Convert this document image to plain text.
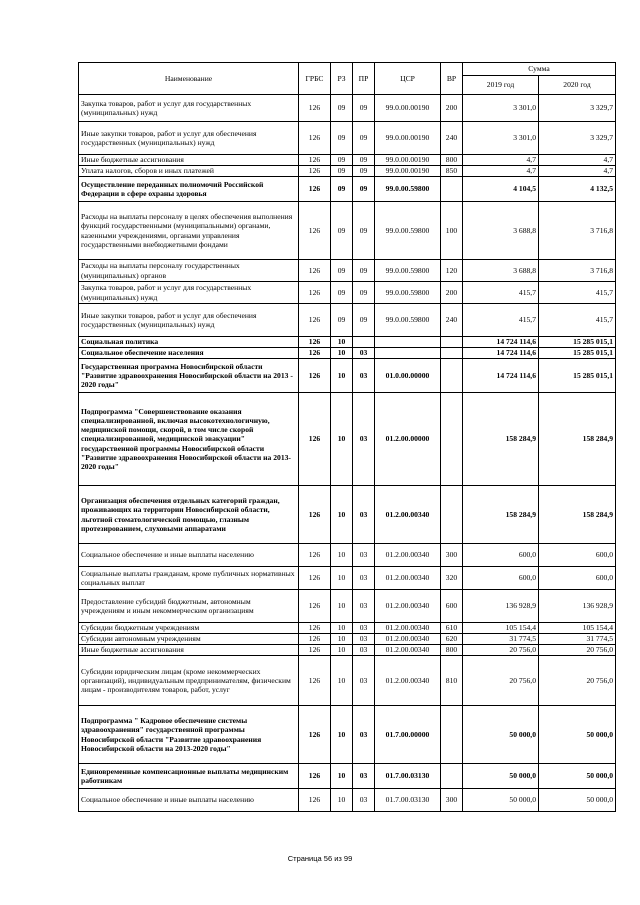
Наименование	ГРБС	РЗ	ПР	ЦСР	ВР	Сумма	
						2019 год	2020 год
Закупка товаров, работ и услуг для государственных (муниципальных) нужд	126	09	09	99.0.00.00190	200	3 301,0	3 329,7
Иные закупки товаров, работ и услуг для обеспечения государственных (муниципальных) нужд	126	09	09	99.0.00.00190	240	3 301,0	3 329,7
Иные бюджетные ассигнования	126	09	09	99.0.00.00190	800	4,7	4,7
Уплата налогов, сборов и иных платежей	126	09	09	99.0.00.00190	850	4,7	4,7
Осуществление переданных полномочий Российской Федерации в сфере охраны здоровья	126	09	09	99.0.00.59800		4 104,5	4 132,5
Расходы на выплаты персоналу в целях обеспечения выполнения функций государственными (муниципальными) органами, казенными учреждениями, органами управления государственными внебюджетными фондами	126	09	09	99.0.00.59800	100	3 688,8	3 716,8
Расходы на выплаты персоналу государственных (муниципальных) органов	126	09	09	99.0.00.59800	120	3 688,8	3 716,8
Закупка товаров, работ и услуг для государственных (муниципальных) нужд	126	09	09	99.0.00.59800	200	415,7	415,7
Иные закупки товаров, работ и услуг для обеспечения государственных (муниципальных) нужд	126	09	09	99.0.00.59800	240	415,7	415,7
Социальная политика	126	10				14 724 114,6	15 285 015,1
Социальное обеспечение населения	126	10	03			14 724 114,6	15 285 015,1
Государственная программа Новосибирской области "Развитие здравоохранения Новосибирской области на 2013 - 2020 годы"	126	10	03	01.0.00.00000		14 724 114,6	15 285 015,1
Подпрограмма "Совершенствование оказания специализированной, включая высокотехнологичную, медицинской помощи, скорой, в том числе скорой специализированной, медицинской эвакуации" государственной программы Новосибирской области "Развитие здравоохранения Новосибирской области на 2013-2020 годы"	126	10	03	01.2.00.00000		158 284,9	158 284,9
Организация обеспечения отдельных категорий граждан, проживающих на территории Новосибирской области, льготной стоматологической помощью, глазным протезированием, слуховыми аппаратами	126	10	03	01.2.00.00340		158 284,9	158 284,9
Социальное обеспечение и иные выплаты населению	126	10	03	01.2.00.00340	300	600,0	600,0
Социальные выплаты гражданам, кроме публичных нормативных социальных выплат	126	10	03	01.2.00.00340	320	600,0	600,0
Предоставление субсидий бюджетным, автономным учреждениям и иным некоммерческим организациям	126	10	03	01.2.00.00340	600	136 928,9	136 928,9
Субсидии бюджетным учреждениям	126	10	03	01.2.00.00340	610	105 154,4	105 154,4
Субсидии автономным учреждениям	126	10	03	01.2.00.00340	620	31 774,5	31 774,5
Иные бюджетные ассигнования	126	10	03	01.2.00.00340	800	20 756,0	20 756,0
Субсидии юридическим лицам (кроме некоммерческих организаций), индивидуальным предпринимателям, физическим лицам - производителям товаров, работ, услуг	126	10	03	01.2.00.00340	810	20 756,0	20 756,0
Подпрограмма " Кадровое обеспечение системы здравоохранения" государственной программы Новосибирской области "Развитие здравоохранения Новосибирской области на 2013-2020 годы"	126	10	03	01.7.00.00000		50 000,0	50 000,0
Единовременные компенсационные выплаты медицинским работникам	126	10	03	01.7.00.03130		50 000,0	50 000,0
Социальное обеспечение и иные выплаты населению	126	10	03	01.7.00.03130	300	50 000,0	50 000,0
Страница 56 из 99
